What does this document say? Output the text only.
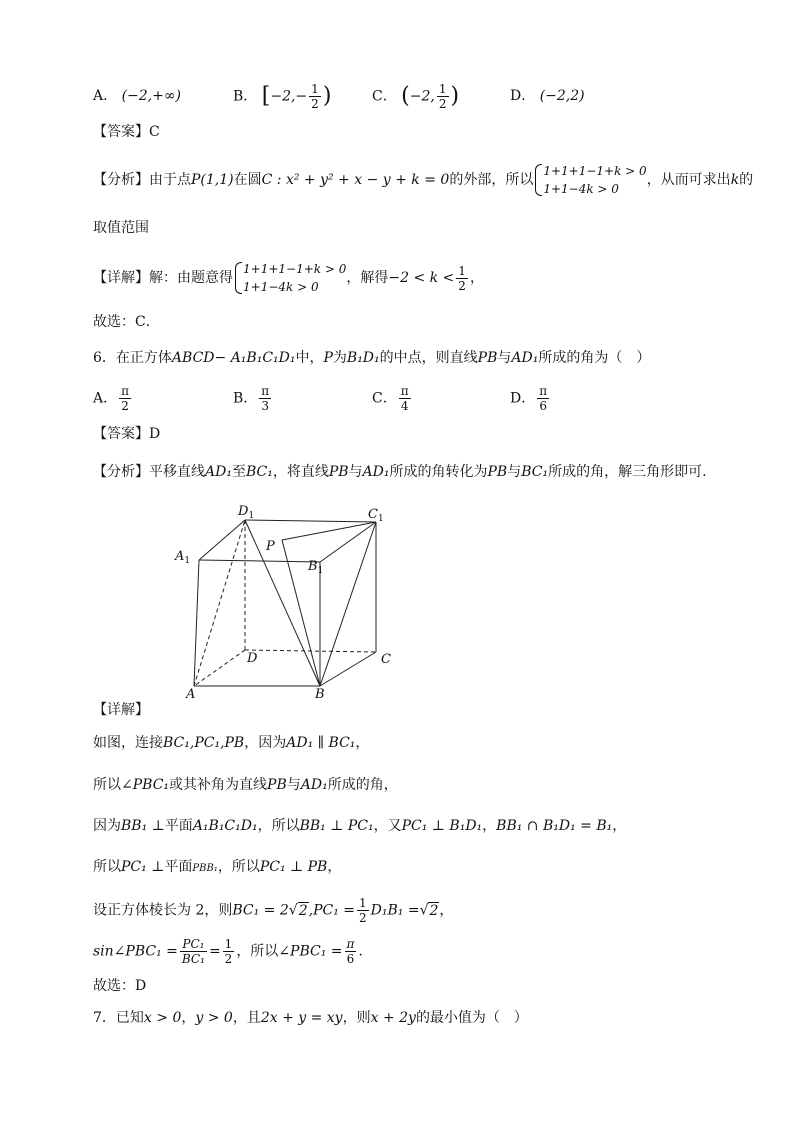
A． (−2,+∞)	B． [$-2,- \frac{1}{2}$ )	C． (−2, $\frac{1}{2}$ )	D． (−2,2)
【答案】C
【分析】由于点P(1,1)在圆C : x² + y² + x − y + k = 0的外部，所以
1+1+1−1+k > 0
1+1−4k > 0
，从而可求出k的
取值范围
【详解】解：由题意得
1+1+1−1+k > 0
1+1−4k > 0
，解得$-2 < k < \frac{1}{2}$ ，
故选：C．
6．在正方体ABCD− A₁B₁C₁D₁中，P为B₁D₁的中点，则直线PB与AD₁所成的角为（　）
A． $\frac{\pi}{2}$	B． $\frac{\pi}{3}$	C． $\frac{\pi}{4}$	D． $\frac{\pi}{6}$
【答案】D
【分析】平移直线AD₁至BC₁，将直线PB与AD₁所成的角转化为PB与BC₁所成的角，解三角形即可.
$D_1$	$C_1$
$A_1$	$B_1$
P
A	B
C
D
【详解】
如图，连接BC₁,PC₁,PB，因为AD₁ ∥ BC₁，
所以∠PBC₁或其补角为直线PB与AD₁所成的角，
因为BB₁ ⊥平面A₁B₁C₁D₁，所以BB₁ ⊥ PC₁，又PC₁ ⊥ B₁D₁，BB₁ ∩ B₁D₁ = B₁，
所以PC₁ ⊥平面PBB₁，所以PC₁ ⊥ PB，
设正方体棱长为 2，则$BC_1 = 2√2,PC_1 = \frac{1}{2} D_1B_1 =√2$，
sin∠PBC₁ = $\frac{\text{PC₁}}{\text{BC₁}} = \frac{1}{2}$ ，所以∠PBC₁ = $\frac{\pi}{6}$ .
故选：D
7．已知x > 0，y > 0，且2x + y = xy，则x + 2y的最小值为（　）
